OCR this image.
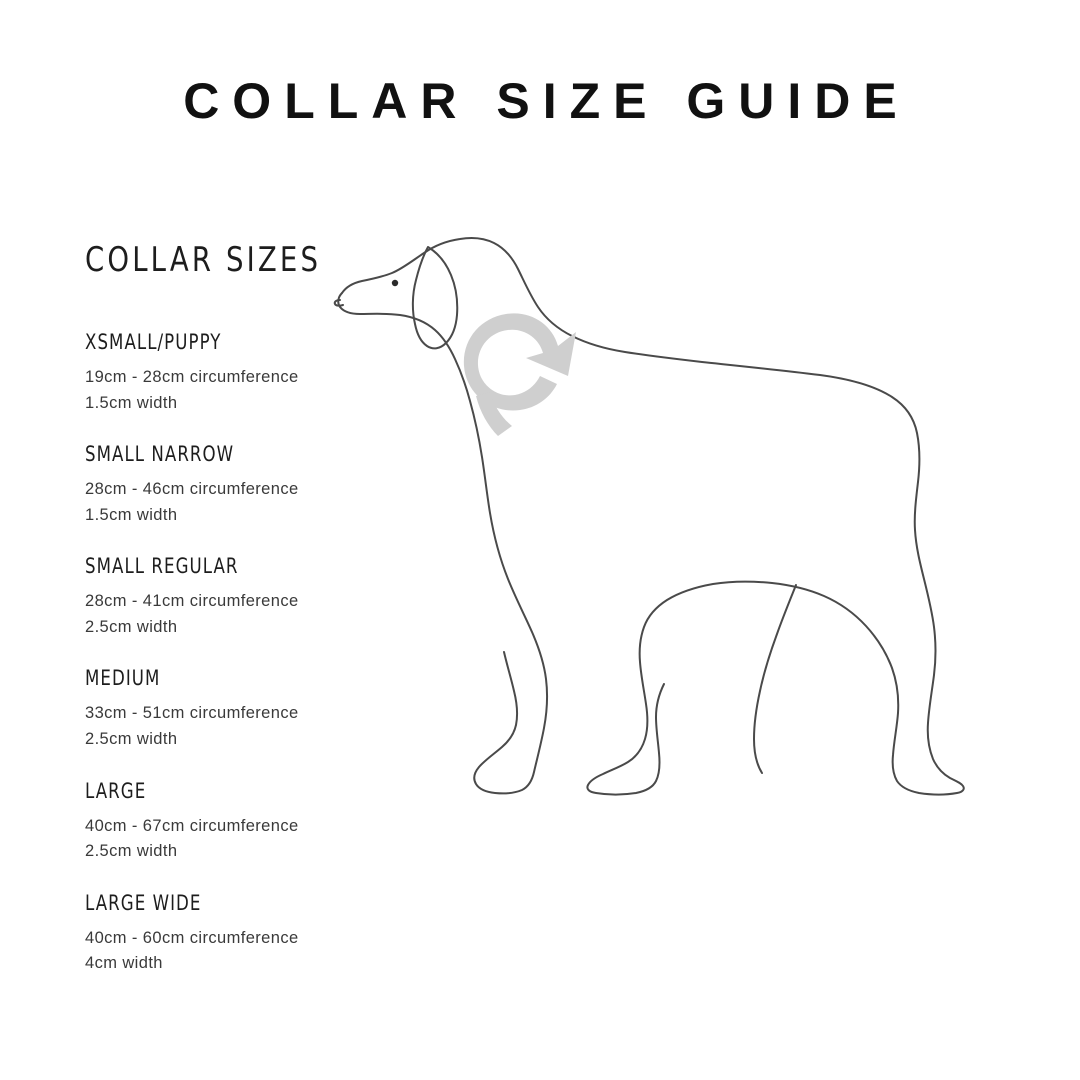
COLLAR SIZE GUIDE
COLLAR SIZES
XSMALL/PUPPY
19cm - 28cm circumference
1.5cm width
SMALL NARROW
28cm - 46cm circumference
1.5cm width
SMALL REGULAR
28cm - 41cm circumference
2.5cm width
MEDIUM
33cm - 51cm circumference
2.5cm width
LARGE
40cm - 67cm circumference
2.5cm width
LARGE WIDE
40cm - 60cm circumference
4cm width
